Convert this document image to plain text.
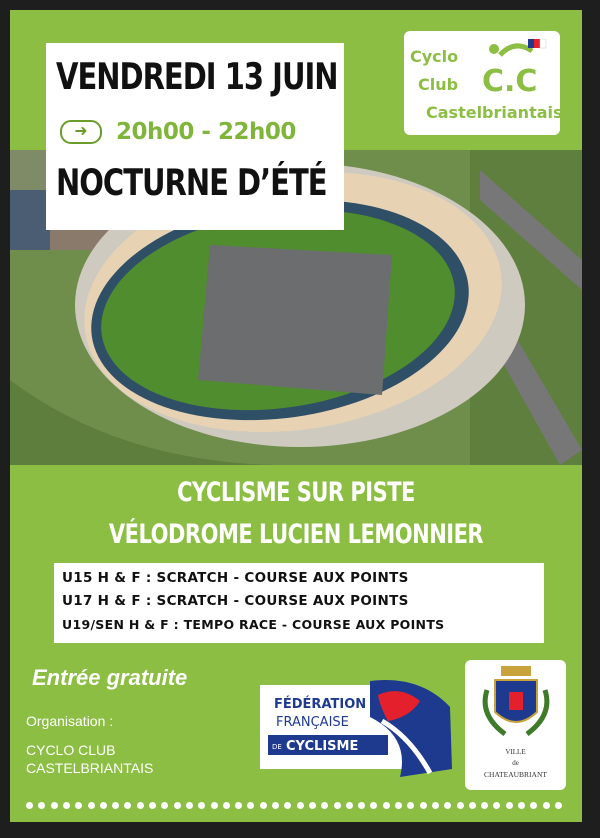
VENDREDI 13 JUIN
➜	20h00 - 22h00
NOCTURNE D’ÉTÉ
Cyclo
Club
Castelbriantais
C.C
CYCLISME SUR PISTE
VÉLODROME LUCIEN LEMONNIER
U15 H & F : SCRATCH - COURSE AUX POINTS
U17 H & F : SCRATCH - COURSE AUX POINTS
U19/SEN H & F : TEMPO RACE - COURSE AUX POINTS
Entrée gratuite
Organisation :
CYCLO CLUB
CASTELBRIANTAIS
FÉDÉRATION
FRANÇAISE
DE CYCLISME	VILLE
de
CHATEAUBRIANT
